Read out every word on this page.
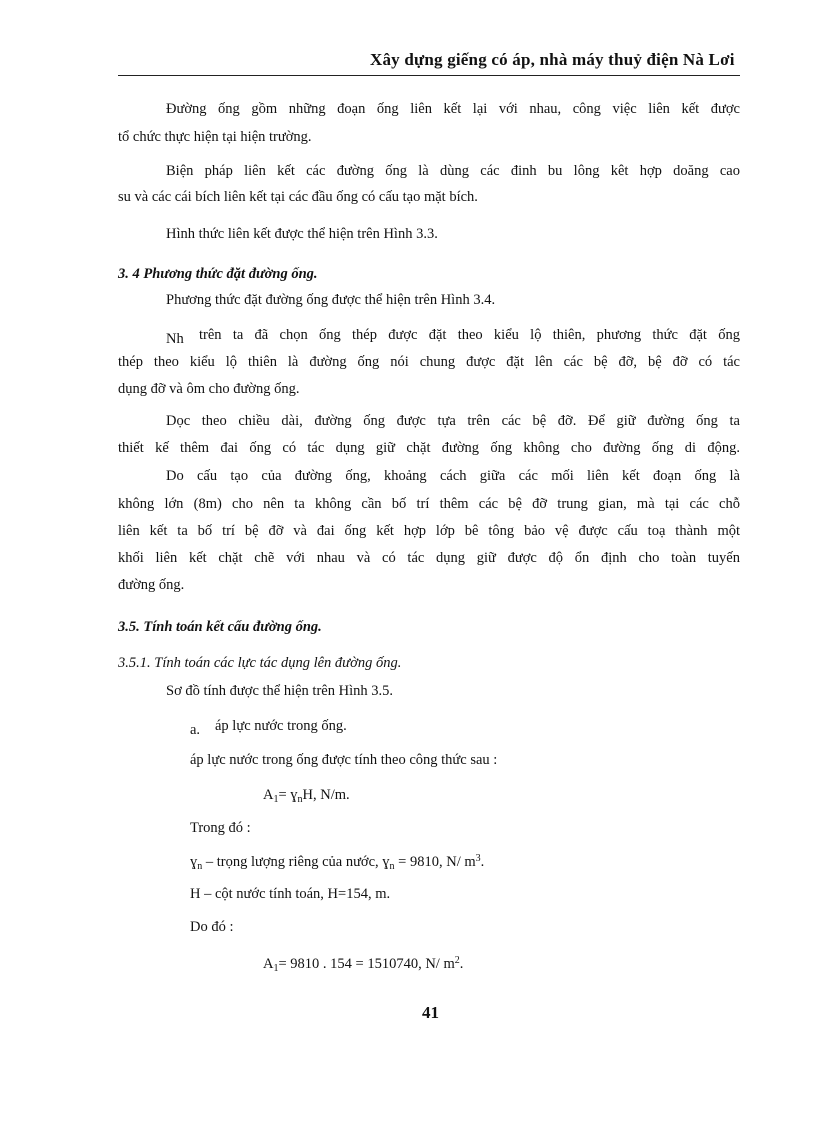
Xây dựng giếng có áp, nhà máy thuỷ điện Nà Lơi

Đường ống gồm những đoạn ống liên kết lại với nhau, công việc liên kết được

tổ chức thực hiện tại hiện trường.

Biện pháp liên kết các đường ống là dùng các đinh bu lông kêt hợp doăng cao

su và các cái bích liên kết tại các đầu ống có cấu tạo mặt bích.

Hình thức liên kết được thể hiện trên Hình 3.3.

3. 4 Phương thức đặt đường ống.

Phương thức đặt đường ống được thể hiện trên Hình 3.4.

Nh trên ta đã chọn ống thép được đặt theo kiểu lộ thiên, phương thức đặt ống

thép theo kiểu lộ thiên là đường ống nói chung được đặt lên các bệ đỡ, bệ đỡ có tác

dụng đỡ và ôm cho đường ống.

Dọc theo chiều dài, đường ống được tựa trên các bệ đỡ. Để giữ đường ống ta

thiết kế thêm đai ống có tác dụng giữ chặt đường ống không cho đường ống di động.

Do cấu tạo của đường ống, khoảng cách giữa các mối liên kết đoạn ống là

không lớn (8m) cho nên ta không cần bố trí thêm các bệ đỡ trung gian, mà tại các chỗ

liên kết ta bố trí bệ đỡ và đai ống kết hợp lớp bê tông bảo vệ được cấu toạ thành một

khối liên kết chặt chẽ với nhau và có tác dụng giữ được độ ổn định cho toàn tuyến

đường ống.

3.5. Tính toán kết cấu đường ống.

3.5.1. Tính toán các lực tác dụng lên đường ống.

Sơ đồ tính được thể hiện trên Hình 3.5.

a. áp lực nước trong ống.

áp lực nước trong ống được tính theo công thức sau :

$A_1=$ ɣ$_n$H, N/m.

Trong đó :

ɣ$_n$ – trọng lượng riêng của nước, ɣ$_n$ = 9810, N/ $m^3$.

H – cột nước tính toán, H=154, m.

Do đó :

$A_1= 9810$ . 154 = 1510740, N/ $m^2$.

41
